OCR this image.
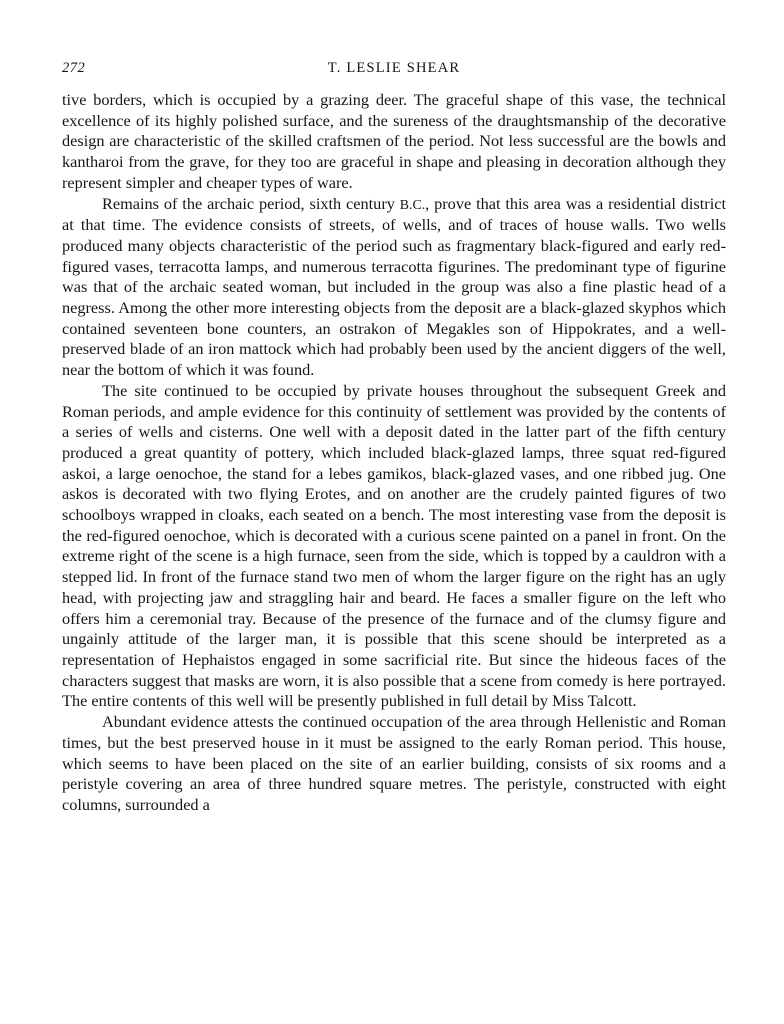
272	T. LESLIE SHEAR

tive borders, which is occupied by a grazing deer. The graceful shape of this vase, the technical excellence of its highly polished surface, and the sureness of the draughtsmanship of the decorative design are characteristic of the skilled craftsmen of the period. Not less successful are the bowls and kantharoi from the grave, for they too are graceful in shape and pleasing in decoration although they represent simpler and cheaper types of ware.

Remains of the archaic period, sixth century B.C., prove that this area was a residential district at that time. The evidence consists of streets, of wells, and of traces of house walls. Two wells produced many objects characteristic of the period such as fragmentary black-figured and early red-figured vases, terracotta lamps, and numerous terracotta figurines. The predominant type of figurine was that of the archaic seated woman, but included in the group was also a fine plastic head of a negress. Among the other more interesting objects from the deposit are a black-glazed skyphos which contained seventeen bone counters, an ostrakon of Megakles son of Hippokrates, and a well-preserved blade of an iron mattock which had probably been used by the ancient diggers of the well, near the bottom of which it was found.

The site continued to be occupied by private houses throughout the subsequent Greek and Roman periods, and ample evidence for this continuity of settlement was provided by the contents of a series of wells and cisterns. One well with a deposit dated in the latter part of the fifth century produced a great quantity of pottery, which included black-glazed lamps, three squat red-figured askoi, a large oenochoe, the stand for a lebes gamikos, black-glazed vases, and one ribbed jug. One askos is decorated with two flying Erotes, and on another are the crudely painted figures of two schoolboys wrapped in cloaks, each seated on a bench. The most interesting vase from the deposit is the red-figured oenochoe, which is decorated with a curious scene painted on a panel in front. On the extreme right of the scene is a high furnace, seen from the side, which is topped by a cauldron with a stepped lid. In front of the furnace stand two men of whom the larger figure on the right has an ugly head, with projecting jaw and straggling hair and beard. He faces a smaller figure on the left who offers him a ceremonial tray. Because of the presence of the furnace and of the clumsy figure and ungainly attitude of the larger man, it is possible that this scene should be interpreted as a representation of Hephaistos engaged in some sacrificial rite. But since the hideous faces of the characters suggest that masks are worn, it is also possible that a scene from comedy is here portrayed. The entire contents of this well will be presently published in full detail by Miss Talcott.

Abundant evidence attests the continued occupation of the area through Hellenistic and Roman times, but the best preserved house in it must be assigned to the early Roman period. This house, which seems to have been placed on the site of an earlier building, consists of six rooms and a peristyle covering an area of three hundred square metres. The peristyle, constructed with eight columns, surrounded a
